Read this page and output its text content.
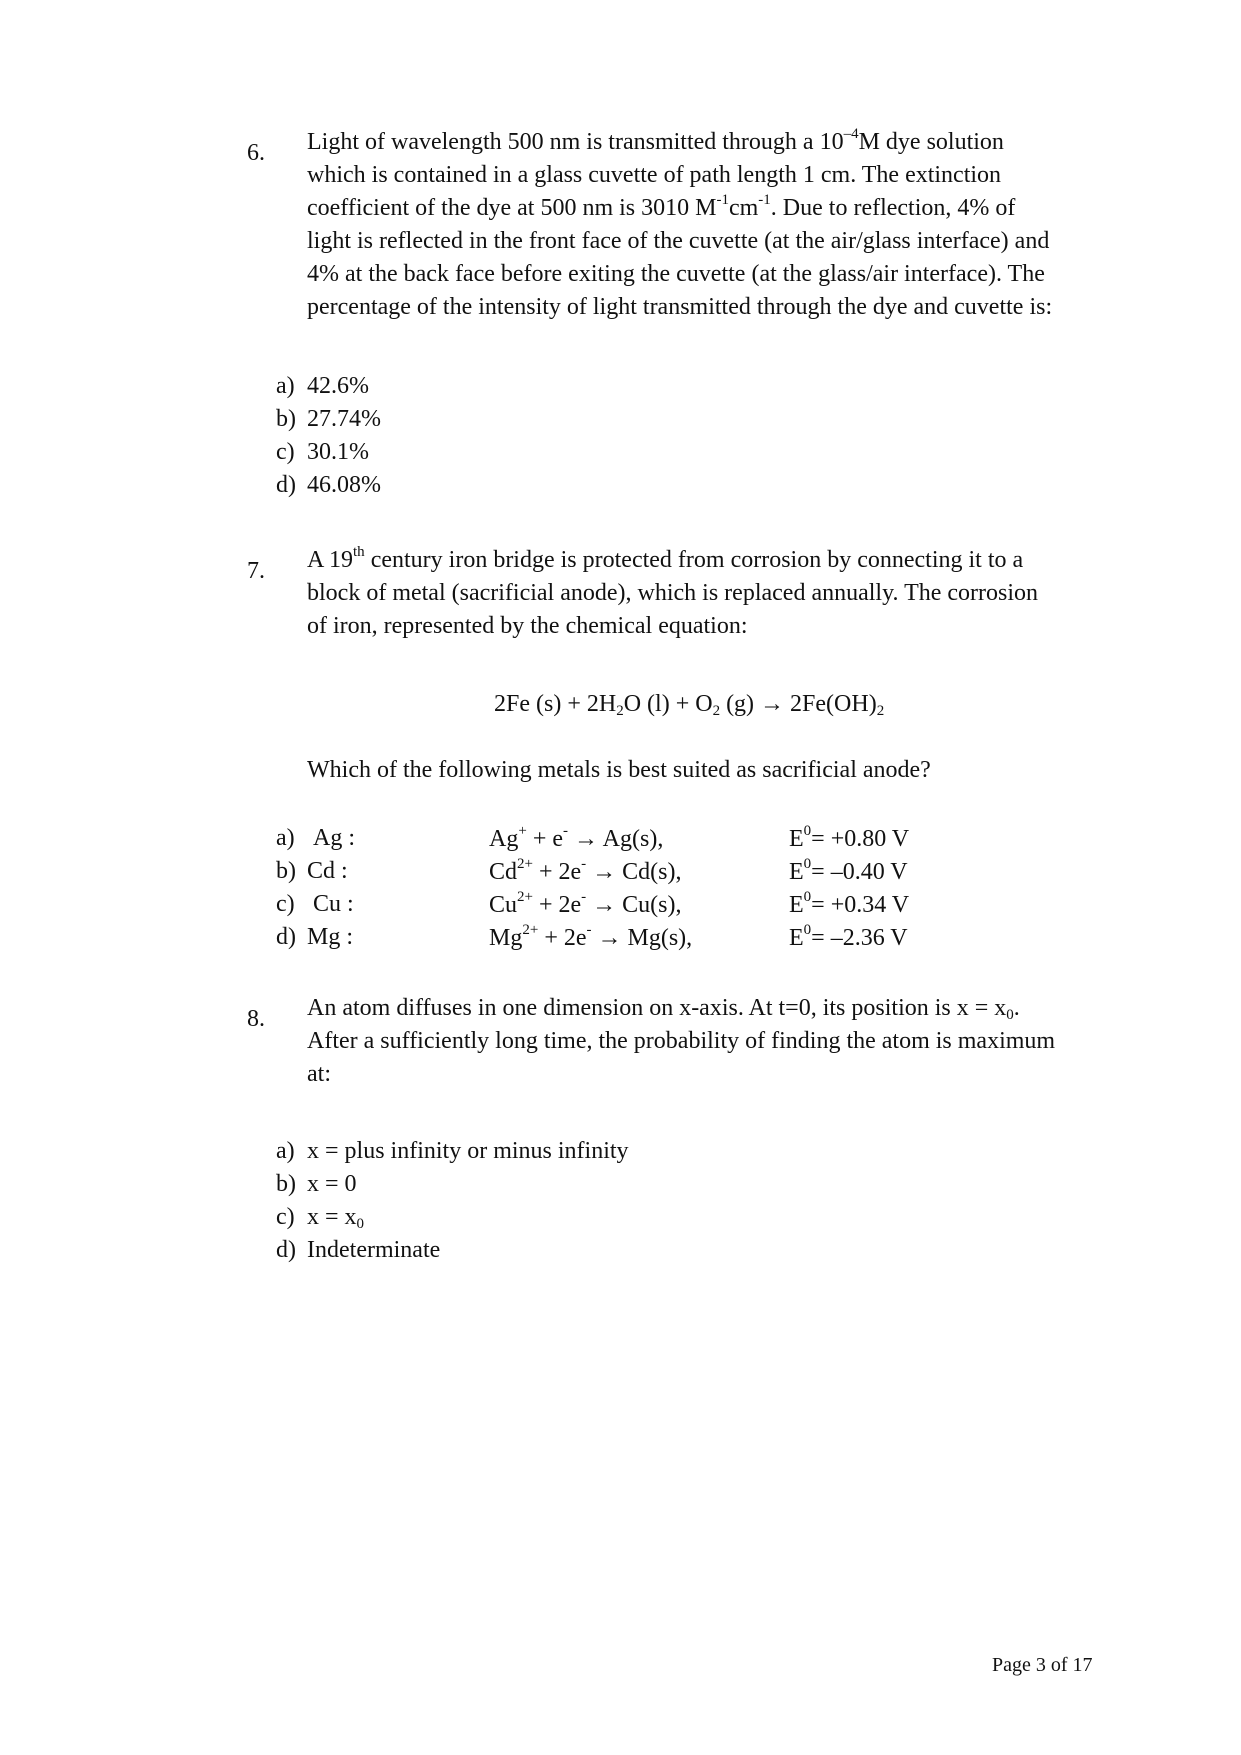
6. Light of wavelength 500 nm is transmitted through a $10^{-4}M$ dye solution
which is contained in a glass cuvette of path length 1 cm. The extinction
coefficient of the dye at 500 nm is 3010 $M^{-1}cm^{-1}$. Due to reflection, 4% of
light is reflected in the front face of the cuvette (at the air/glass interface) and
4% at the back face before exiting the cuvette (at the glass/air interface). The
percentage of the intensity of light transmitted through the dye and cuvette is:
a) 42.6%
b) 27.74%
c) 30.1%
d) 46.08%
7. A 19th century iron bridge is protected from corrosion by connecting it to a
block of metal (sacrificial anode), which is replaced annually. The corrosion
of iron, represented by the chemical equation:
2Fe $(s) + 2H_2O$ $(l) + O_2$ $(g) \to 2Fe(OH)_2$
Which of the following metals is best suited as sacrificial anode?
a) Ag :	Ag+ + e- → Ag(s),	$E^0= +0.80$ V
b) Cd :	$Cd^{2+} + 2e^- \to Cd(s)$,	$E^0= -0.40$ V
c) Cu :	$Cu^{2+} + 2e^- \to Cu(s)$,	$E^0= +0.34$ V
d) Mg :	$Mg^{2+} + 2e^- \to Mg(s)$,	$E^0= -2.36$ V
8. An atom diffuses in one dimension on x-axis. At t=0, its position is $x = x_0$.
After a sufficiently long time, the probability of finding the atom is maximum
at:
a) x = plus infinity or minus infinity
b) x = 0
c) $x = x_0$
d) Indeterminate
Page 3 of 17
